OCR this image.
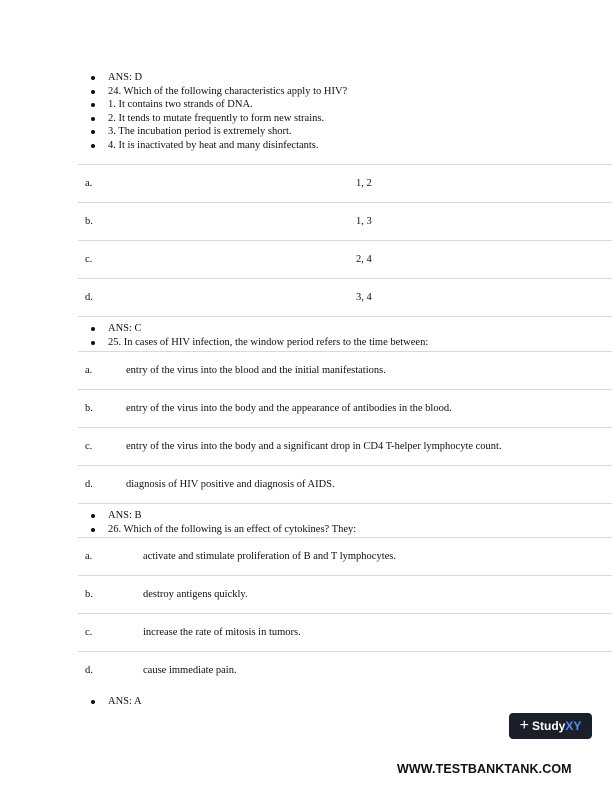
ANS: D
24. Which of the following characteristics apply to HIV?
1. It contains two strands of DNA.
2. It tends to mutate frequently to form new strains.
3. The incubation period is extremely short.
4. It is inactivated by heat and many disinfectants.
a.	1, 2
b.	1, 3
c.	2, 4
d.	3, 4
ANS: C
25. In cases of HIV infection, the window period refers to the time between:
a.	entry of the virus into the blood and the initial manifestations.
b.	entry of the virus into the body and the appearance of antibodies in the blood.
c.	entry of the virus into the body and a significant drop in CD4 T-helper lymphocyte count.
d.	diagnosis of HIV positive and diagnosis of AIDS.
ANS: B
26. Which of the following is an effect of cytokines? They:
a.	activate and stimulate proliferation of B and T lymphocytes.
b.	destroy antigens quickly.
c.	increase the rate of mitosis in tumors.
d.	cause immediate pain.
ANS: A
+ StudyXY
WWW.TESTBANKTANK.COM
